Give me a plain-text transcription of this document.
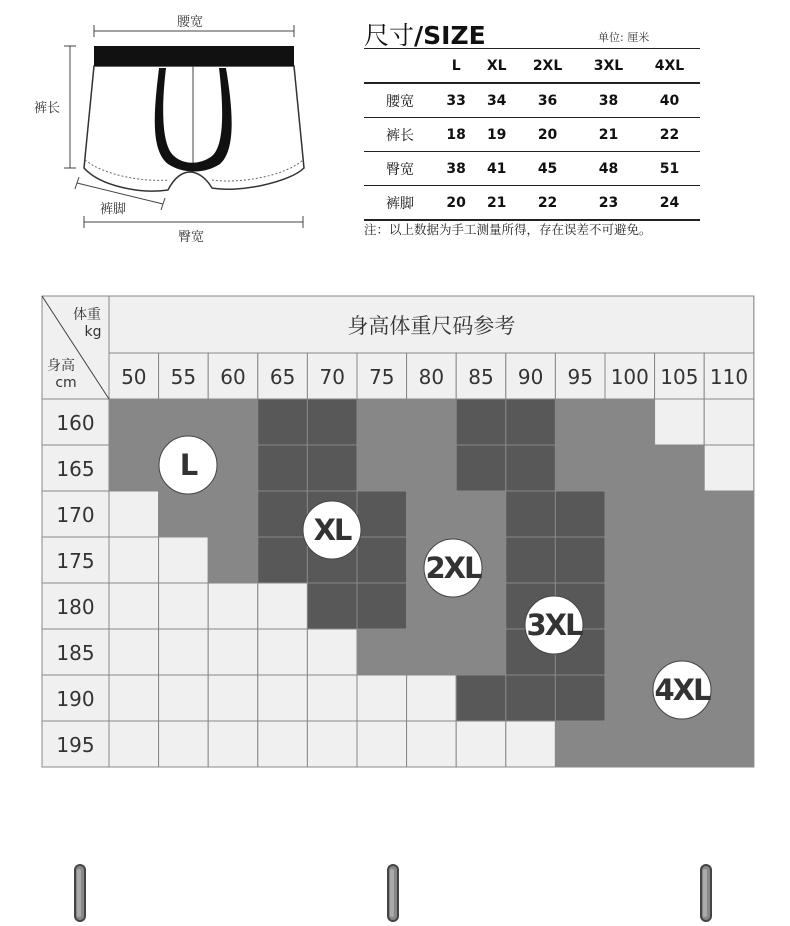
腰宽
裤长
裤脚
臀宽
尺寸/SIZE	单位: 厘米
	L	XL	2XL	3XL	4XL
腰宽	33	34	36	38	40
裤长	18	19	20	21	22
臀宽	38	41	45	48	51
裤脚	20	21	22	23	24
注：以上数据为手工测量所得，存在误差不可避免。
50 55 60 65 70 75 80 85 90 95 100 105 110
160
165
170
175
180
185
190
195
身高体重尺码参考
体重
kg
身高
cm
L
XL
2XL
3XL
4XL
